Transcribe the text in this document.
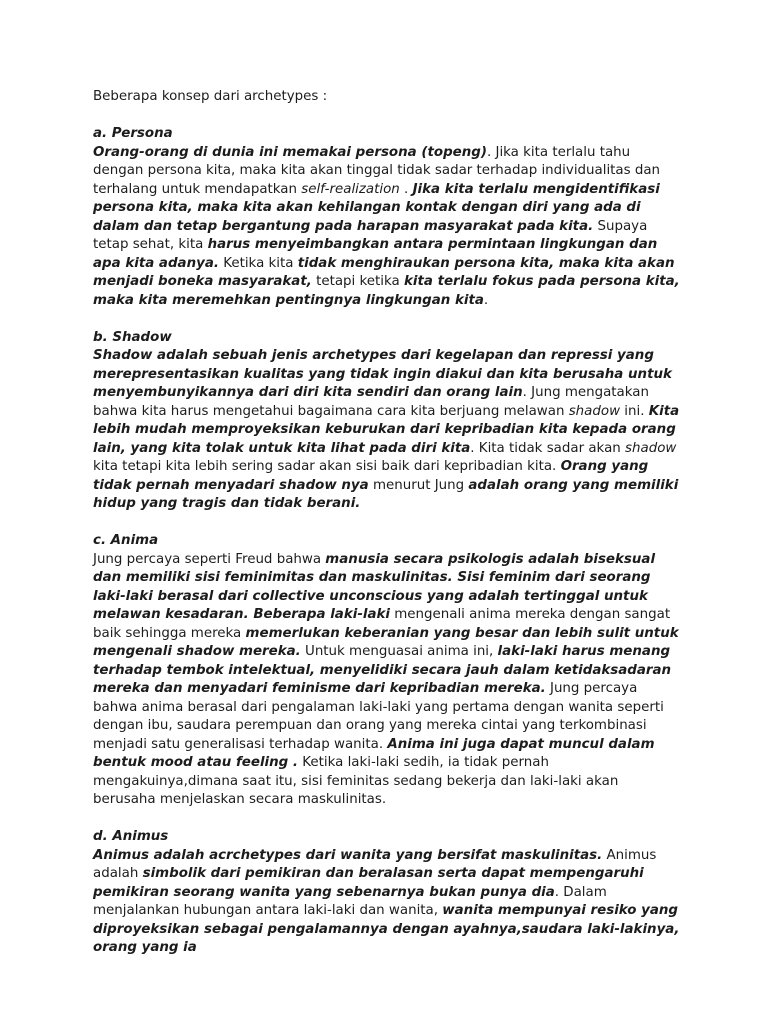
Beberapa konsep dari archetypes :

a. Persona

Orang-orang di dunia ini memakai persona (topeng). Jika kita terlalu tahu dengan persona kita, maka kita akan tinggal tidak sadar terhadap individualitas dan terhalang untuk mendapatkan self-realization . Jika kita terlalu mengidentifikasi persona kita, maka kita akan kehilangan kontak dengan diri yang ada di dalam dan tetap bergantung pada harapan masyarakat pada kita. Supaya tetap sehat, kita harus menyeimbangkan antara permintaan lingkungan dan apa kita adanya. Ketika kita tidak menghiraukan persona kita, maka kita akan menjadi boneka masyarakat, tetapi ketika kita terlalu fokus pada persona kita, maka kita meremehkan pentingnya lingkungan kita.

b. Shadow

Shadow adalah sebuah jenis archetypes dari kegelapan dan repressi yang merepresentasikan kualitas yang tidak ingin diakui dan kita berusaha untuk menyembunyikannya dari diri kita sendiri dan orang lain. Jung mengatakan bahwa kita harus mengetahui bagaimana cara kita berjuang melawan shadow ini. Kita lebih mudah memproyeksikan keburukan dari kepribadian kita kepada orang lain, yang kita tolak untuk kita lihat pada diri kita. Kita tidak sadar akan shadow kita tetapi kita lebih sering sadar akan sisi baik dari kepribadian kita. Orang yang tidak pernah menyadari shadow nya menurut Jung adalah orang yang memiliki hidup yang tragis dan tidak berani.

c. Anima

Jung percaya seperti Freud bahwa manusia secara psikologis adalah biseksual dan memiliki sisi feminimitas dan maskulinitas. Sisi feminim dari seorang laki-laki berasal dari collective unconscious yang adalah tertinggal untuk melawan kesadaran. Beberapa laki-laki mengenali anima mereka dengan sangat baik sehingga mereka memerlukan keberanian yang besar dan lebih sulit untuk mengenali shadow mereka. Untuk menguasai anima ini, laki-laki harus menang terhadap tembok intelektual, menyelidiki secara jauh dalam ketidaksadaran mereka dan menyadari feminisme dari kepribadian mereka. Jung percaya bahwa anima berasal dari pengalaman laki-laki yang pertama dengan wanita seperti dengan ibu, saudara perempuan dan orang yang mereka cintai yang terkombinasi menjadi satu generalisasi terhadap wanita. Anima ini juga dapat muncul dalam bentuk mood atau feeling . Ketika laki-laki sedih, ia tidak pernah mengakuinya,dimana saat itu, sisi feminitas sedang bekerja dan laki-laki akan berusaha menjelaskan secara maskulinitas.

d. Animus

Animus adalah acrchetypes dari wanita yang bersifat maskulinitas. Animus adalah simbolik dari pemikiran dan beralasan serta dapat mempengaruhi pemikiran seorang wanita yang sebenarnya bukan punya dia. Dalam menjalankan hubungan antara laki-laki dan wanita, wanita mempunyai resiko yang diproyeksikan sebagai pengalamannya dengan ayahnya,saudara laki-lakinya, orang yang ia
